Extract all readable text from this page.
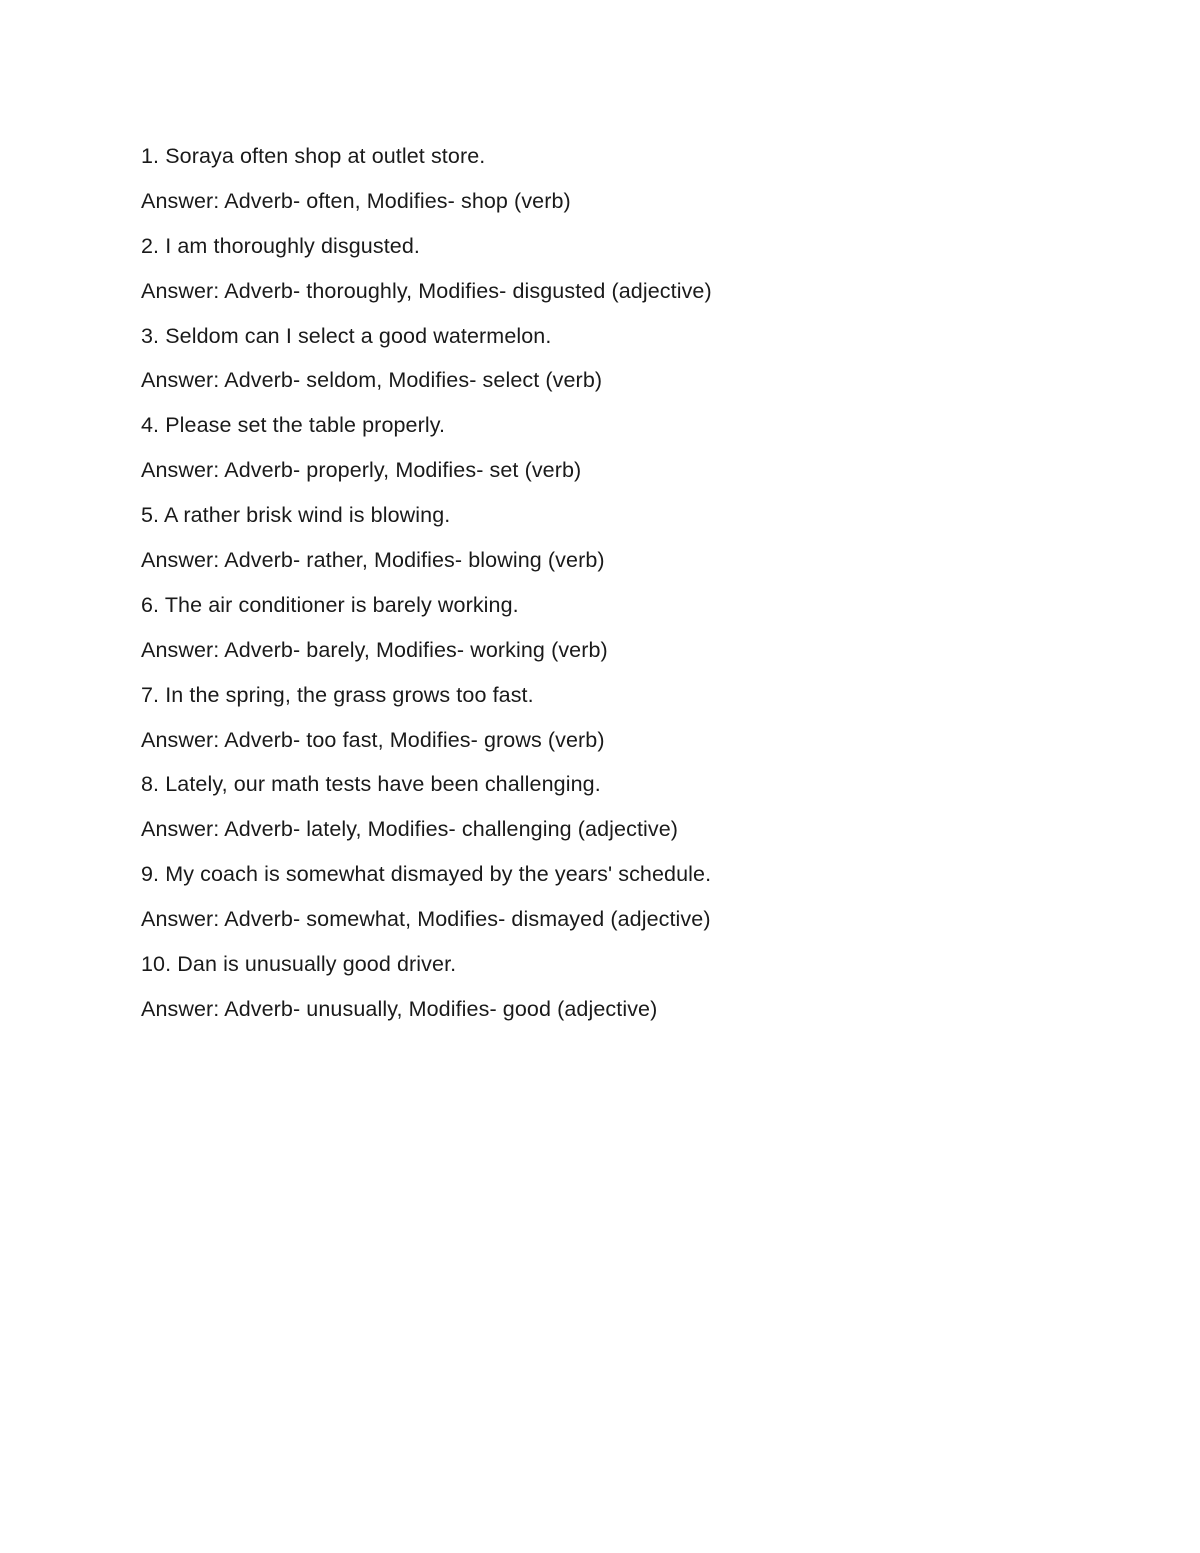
1. Soraya often shop at outlet store.
Answer: Adverb- often, Modifies- shop (verb)
2. I am thoroughly disgusted.
Answer: Adverb- thoroughly, Modifies- disgusted (adjective)
3. Seldom can I select a good watermelon.
Answer: Adverb- seldom, Modifies- select (verb)
4. Please set the table properly.
Answer: Adverb- properly, Modifies- set (verb)
5. A rather brisk wind is blowing.
Answer: Adverb- rather, Modifies- blowing (verb)
6. The air conditioner is barely working.
Answer: Adverb- barely, Modifies- working (verb)
7. In the spring, the grass grows too fast.
Answer: Adverb- too fast, Modifies- grows (verb)
8. Lately, our math tests have been challenging.
Answer: Adverb- lately, Modifies- challenging (adjective)
9. My coach is somewhat dismayed by the years' schedule.
Answer: Adverb- somewhat, Modifies- dismayed (adjective)
10. Dan is unusually good driver.
Answer: Adverb- unusually, Modifies- good (adjective)
